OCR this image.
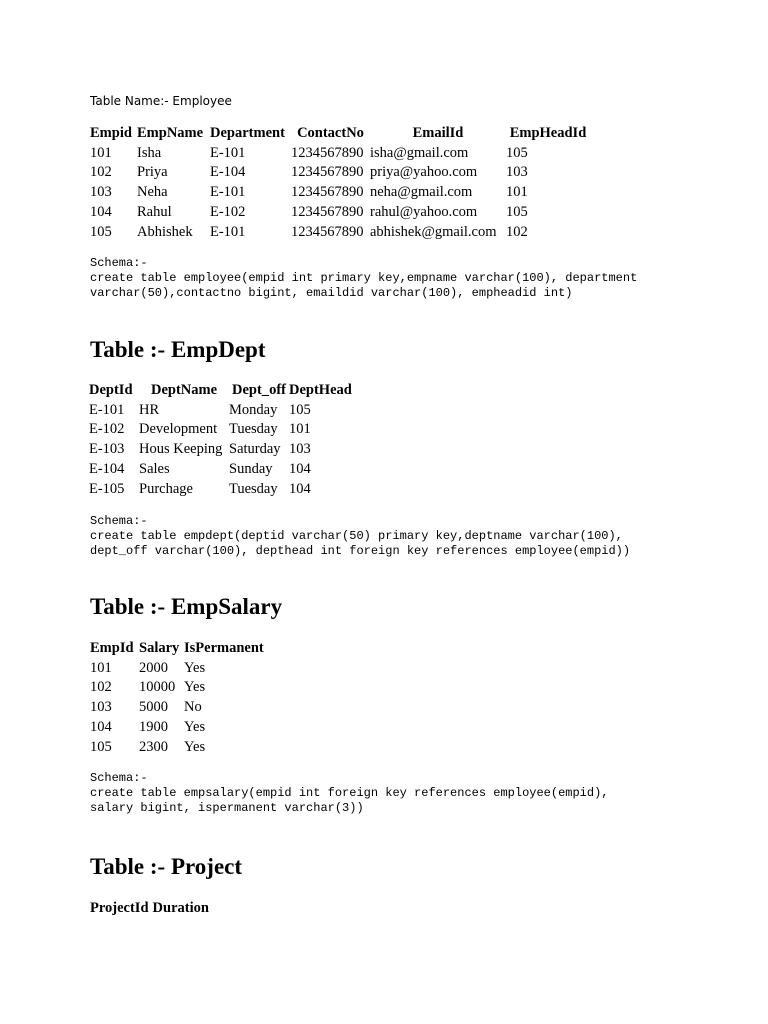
Table Name:- Employee
Empid	EmpName	Department	ContactNo	EmailId	EmpHeadId
101	Isha	E-101	1234567890	isha@gmail.com	105
102	Priya	E-104	1234567890	priya@yahoo.com	103
103	Neha	E-101	1234567890	neha@gmail.com	101
104	Rahul	E-102	1234567890	rahul@yahoo.com	105
105	Abhishek	E-101	1234567890	abhishek@gmail.com	102
Schema:-
create table employee(empid int primary key,empname varchar(100), department
varchar(50),contactno bigint, emaildid varchar(100), empheadid int)
Table :- EmpDept
DeptId	DeptName	Dept_off	DeptHead
E-101	HR	Monday	105
E-102	Development	Tuesday	101
E-103	Hous Keeping	Saturday	103
E-104	Sales	Sunday	104
E-105	Purchage	Tuesday	104
Schema:-
create table empdept(deptid varchar(50) primary key,deptname varchar(100),
dept_off varchar(100), depthead int foreign key references employee(empid))
Table :- EmpSalary
EmpId	Salary	IsPermanent
101	2000	Yes
102	10000	Yes
103	5000	No
104	1900	Yes
105	2300	Yes
Schema:-
create table empsalary(empid int foreign key references employee(empid),
salary bigint, ispermanent varchar(3))
Table :- Project
ProjectId	Duration
